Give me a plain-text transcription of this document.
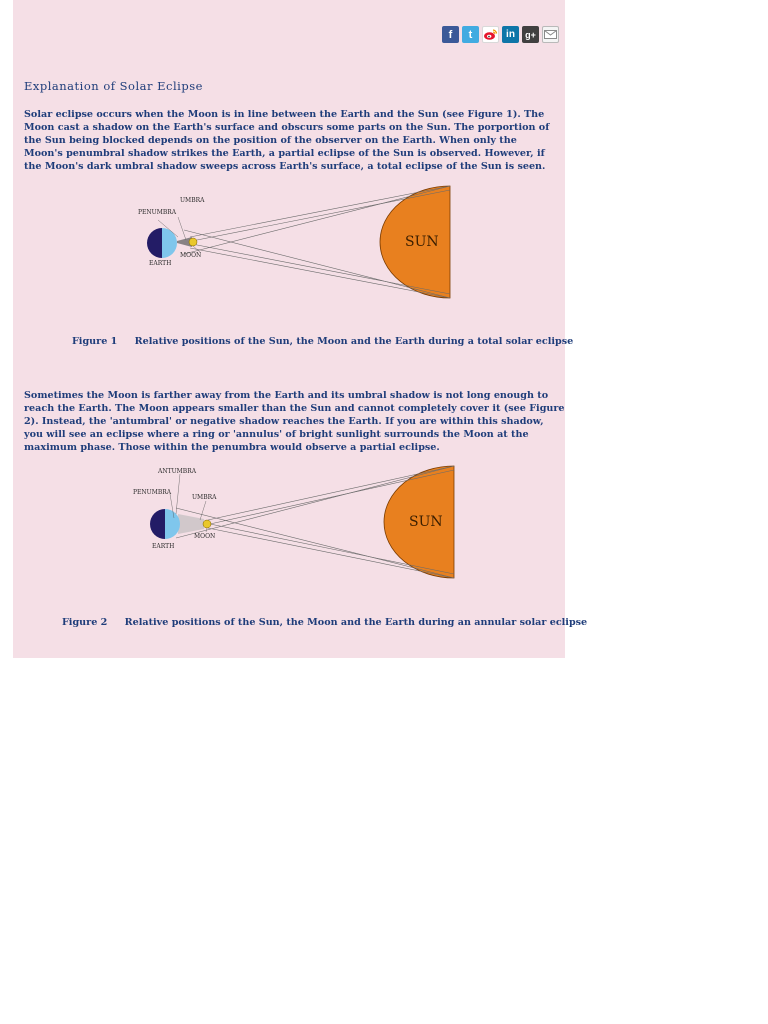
f t	in g+
Explanation of Solar Eclipse

Solar eclipse occurs when the Moon is in line between the Earth and the Sun (see Figure 1). The Moon cast a shadow on the Earth's surface and obscurs some parts on the Sun. The porportion of the Sun being blocked depends on the position of the observer on the Earth. When only the Moon's penumbral shadow strikes the Earth, a partial eclipse of the Sun is observed. However, if the Moon's dark umbral shadow sweeps across Earth's surface, a total eclipse of the Sun is seen.

UMBRA
PENUMBRA
MOON
EARTH
SUN
Figure 1 Relative positions of the Sun, the Moon and the Earth during a total solar eclipse

Sometimes the Moon is farther away from the Earth and its umbral shadow is not long enough to reach the Earth. The Moon appears smaller than the Sun and cannot completely cover it (see Figure 2). Instead, the 'antumbral' or negative shadow reaches the Earth. If you are within this shadow, you will see an eclipse where a ring or 'annulus' of bright sunlight surrounds the Moon at the maximum phase. Those within the penumbra would observe a partial eclipse.

ANTUMBRA
PENUMBRA
UMBRA
MOON
EARTH
SUN
Figure 2 Relative positions of the Sun, the Moon and the Earth during an annular solar eclipse
